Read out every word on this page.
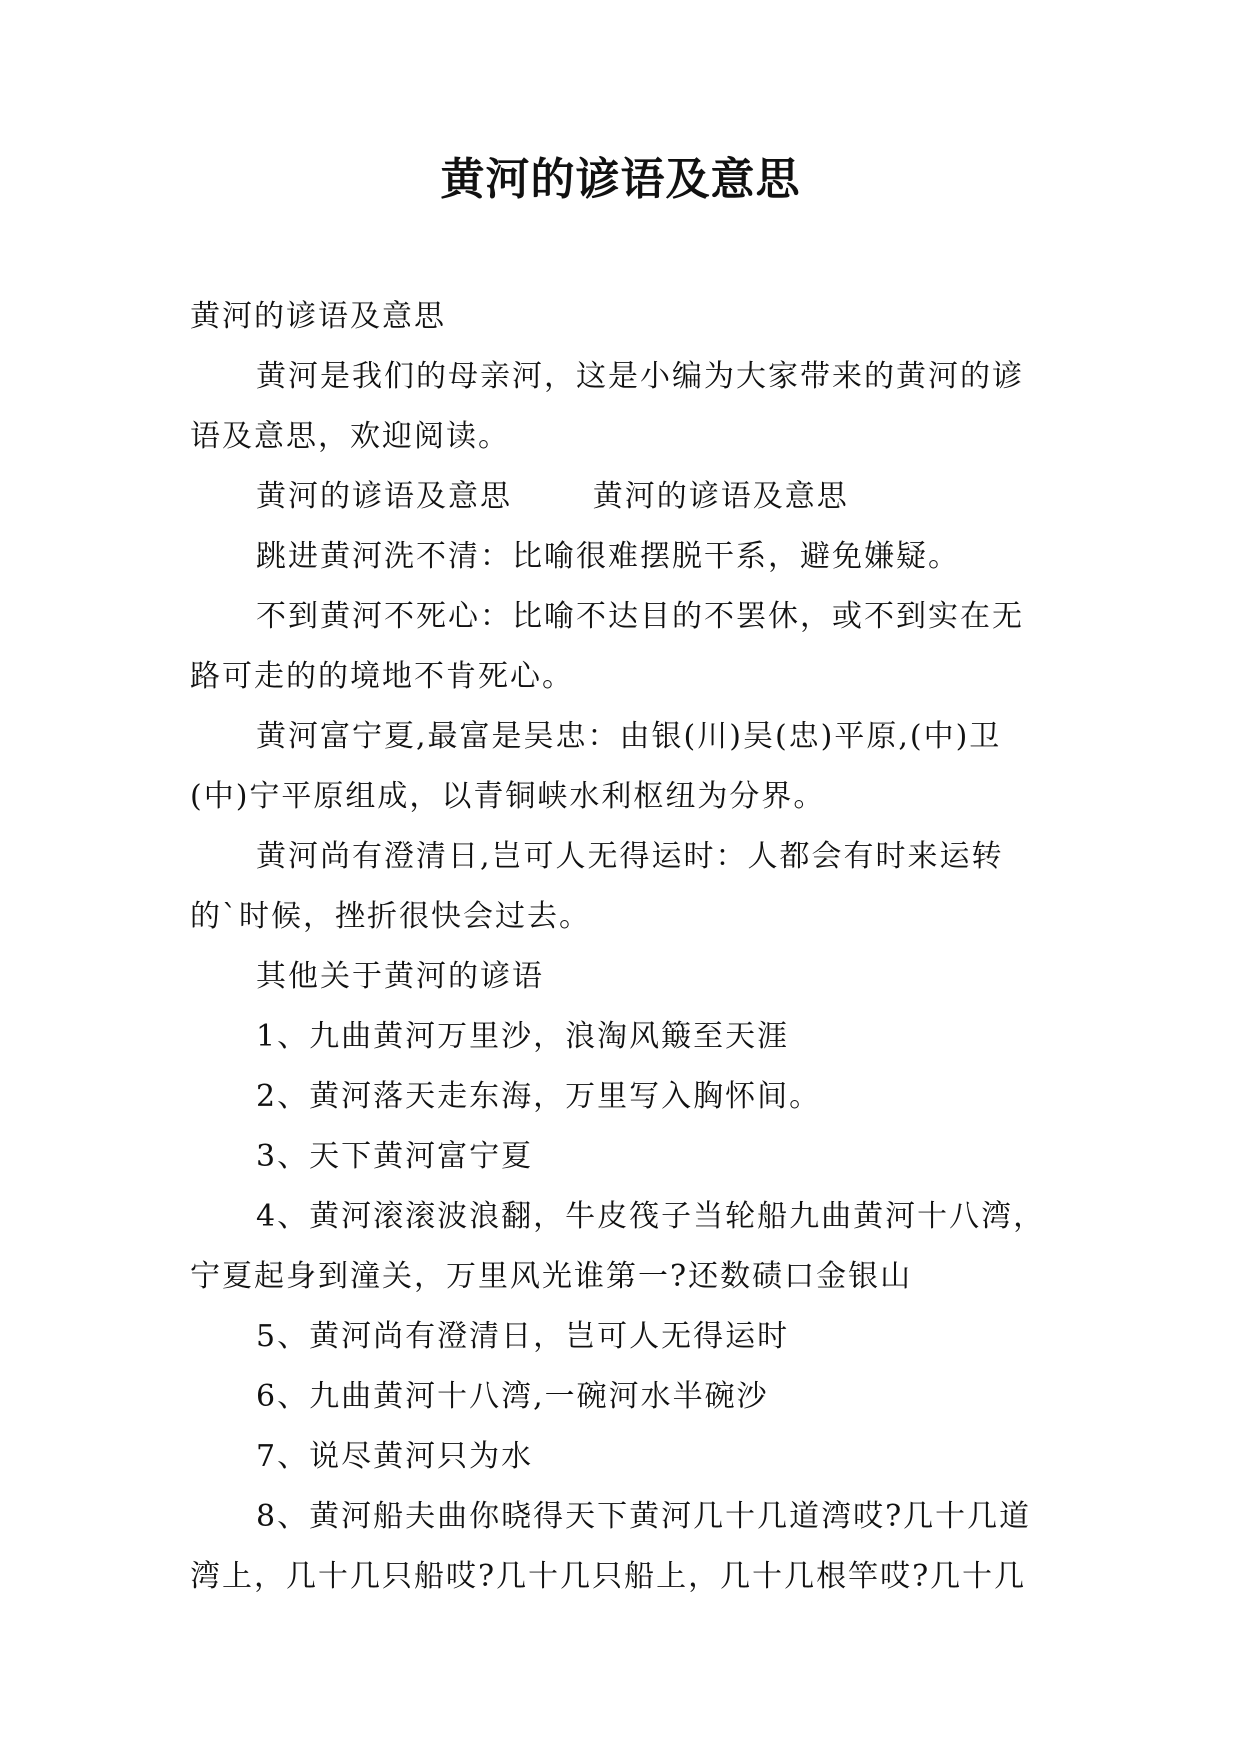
黄河的谚语及意思
黄河的谚语及意思
黄河是我们的母亲河，这是小编为大家带来的黄河的谚
语及意思，欢迎阅读。
黄河的谚语及意思       黄河的谚语及意思
跳进黄河洗不清：比喻很难摆脱干系，避免嫌疑。
不到黄河不死心：比喻不达目的不罢休，或不到实在无
路可走的的境地不肯死心。
黄河富宁夏,最富是吴忠：由银(川)吴(忠)平原,(中)卫
(中)宁平原组成，以青铜峡水利枢纽为分界。
黄河尚有澄清日,岂可人无得运时：人都会有时来运转
的`时候，挫折很快会过去。
其他关于黄河的谚语
1、九曲黄河万里沙，浪淘风簸至天涯
2、黄河落天走东海，万里写入胸怀间。
3、天下黄河富宁夏
4、黄河滚滚波浪翻，牛皮筏子当轮船九曲黄河十八湾，
宁夏起身到潼关，万里风光谁第一?还数碛口金银山
5、黄河尚有澄清日，岂可人无得运时
6、九曲黄河十八湾,一碗河水半碗沙
7、说尽黄河只为水
8、黄河船夫曲你晓得天下黄河几十几道湾哎?几十几道
湾上，几十几只船哎?几十几只船上，几十几根竿哎?几十几
